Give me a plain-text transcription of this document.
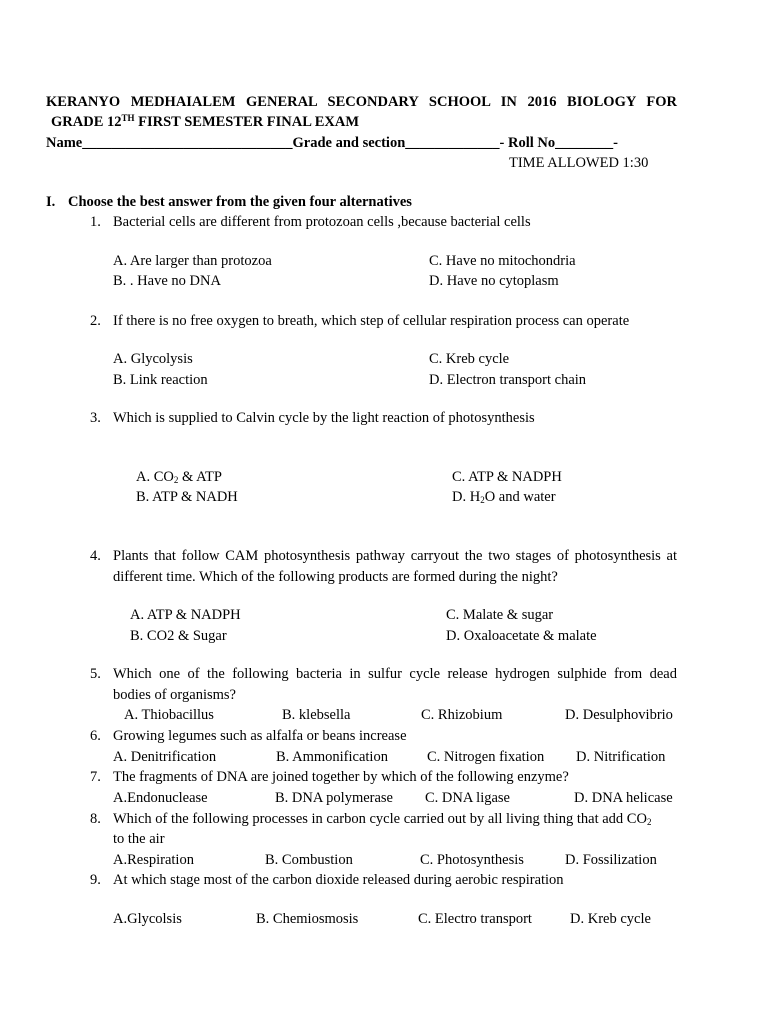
KERANYO MEDHAIALEM GENERAL SECONDARY SCHOOL IN 2016 BIOLOGY FOR
GRADE 12TH FIRST SEMESTER FINAL EXAM
Name_____________________________Grade and section_____________- Roll No________-
TIME ALLOWED 1:30
I. Choose the best answer from the given four alternatives
1. Bacterial cells are different from protozoan cells ,because bacterial cells
A. Are larger than protozoa
B. . Have no DNA
C. Have no mitochondria
D. Have no cytoplasm
2. If there is no free oxygen to breath, which step of cellular respiration process can operate
A. Glycolysis
B. Link reaction
C. Kreb cycle
D. Electron transport chain
3. Which is supplied to Calvin cycle by the light reaction of photosynthesis
A. $CO_2$ & ATP
B. ATP & NADH
C. ATP & NADPH
D. $H_2O$ and water
4. Plants that follow CAM photosynthesis pathway carryout the two stages of photosynthesis at
different time. Which of the following products are formed during the night?
A. ATP & NADPH
B. CO2 & Sugar
C. Malate & sugar
D. Oxaloacetate & malate
5. Which one of the following bacteria in sulfur cycle release hydrogen sulphide from dead
bodies of organisms?
A. Thiobacillus	B. klebsella	C. Rhizobium	D. Desulphovibrio
6. Growing legumes such as alfalfa or beans increase
A. Denitrification	B. Ammonification	C. Nitrogen fixation D. Nitrification
7. The fragments of DNA are joined together by which of the following enzyme?
A.Endonuclease	B. DNA polymerase C. DNA ligase	D. DNA helicase
8. Which of the following processes in carbon cycle carried out by all living thing that add $CO_2$
to the air
A.Respiration	B. Combustion	C. Photosynthesis	D. Fossilization
9. At which stage most of the carbon dioxide released during aerobic respiration
A.Glycolsis	B. Chemiosmosis	C. Electro transport	D. Kreb cycle
